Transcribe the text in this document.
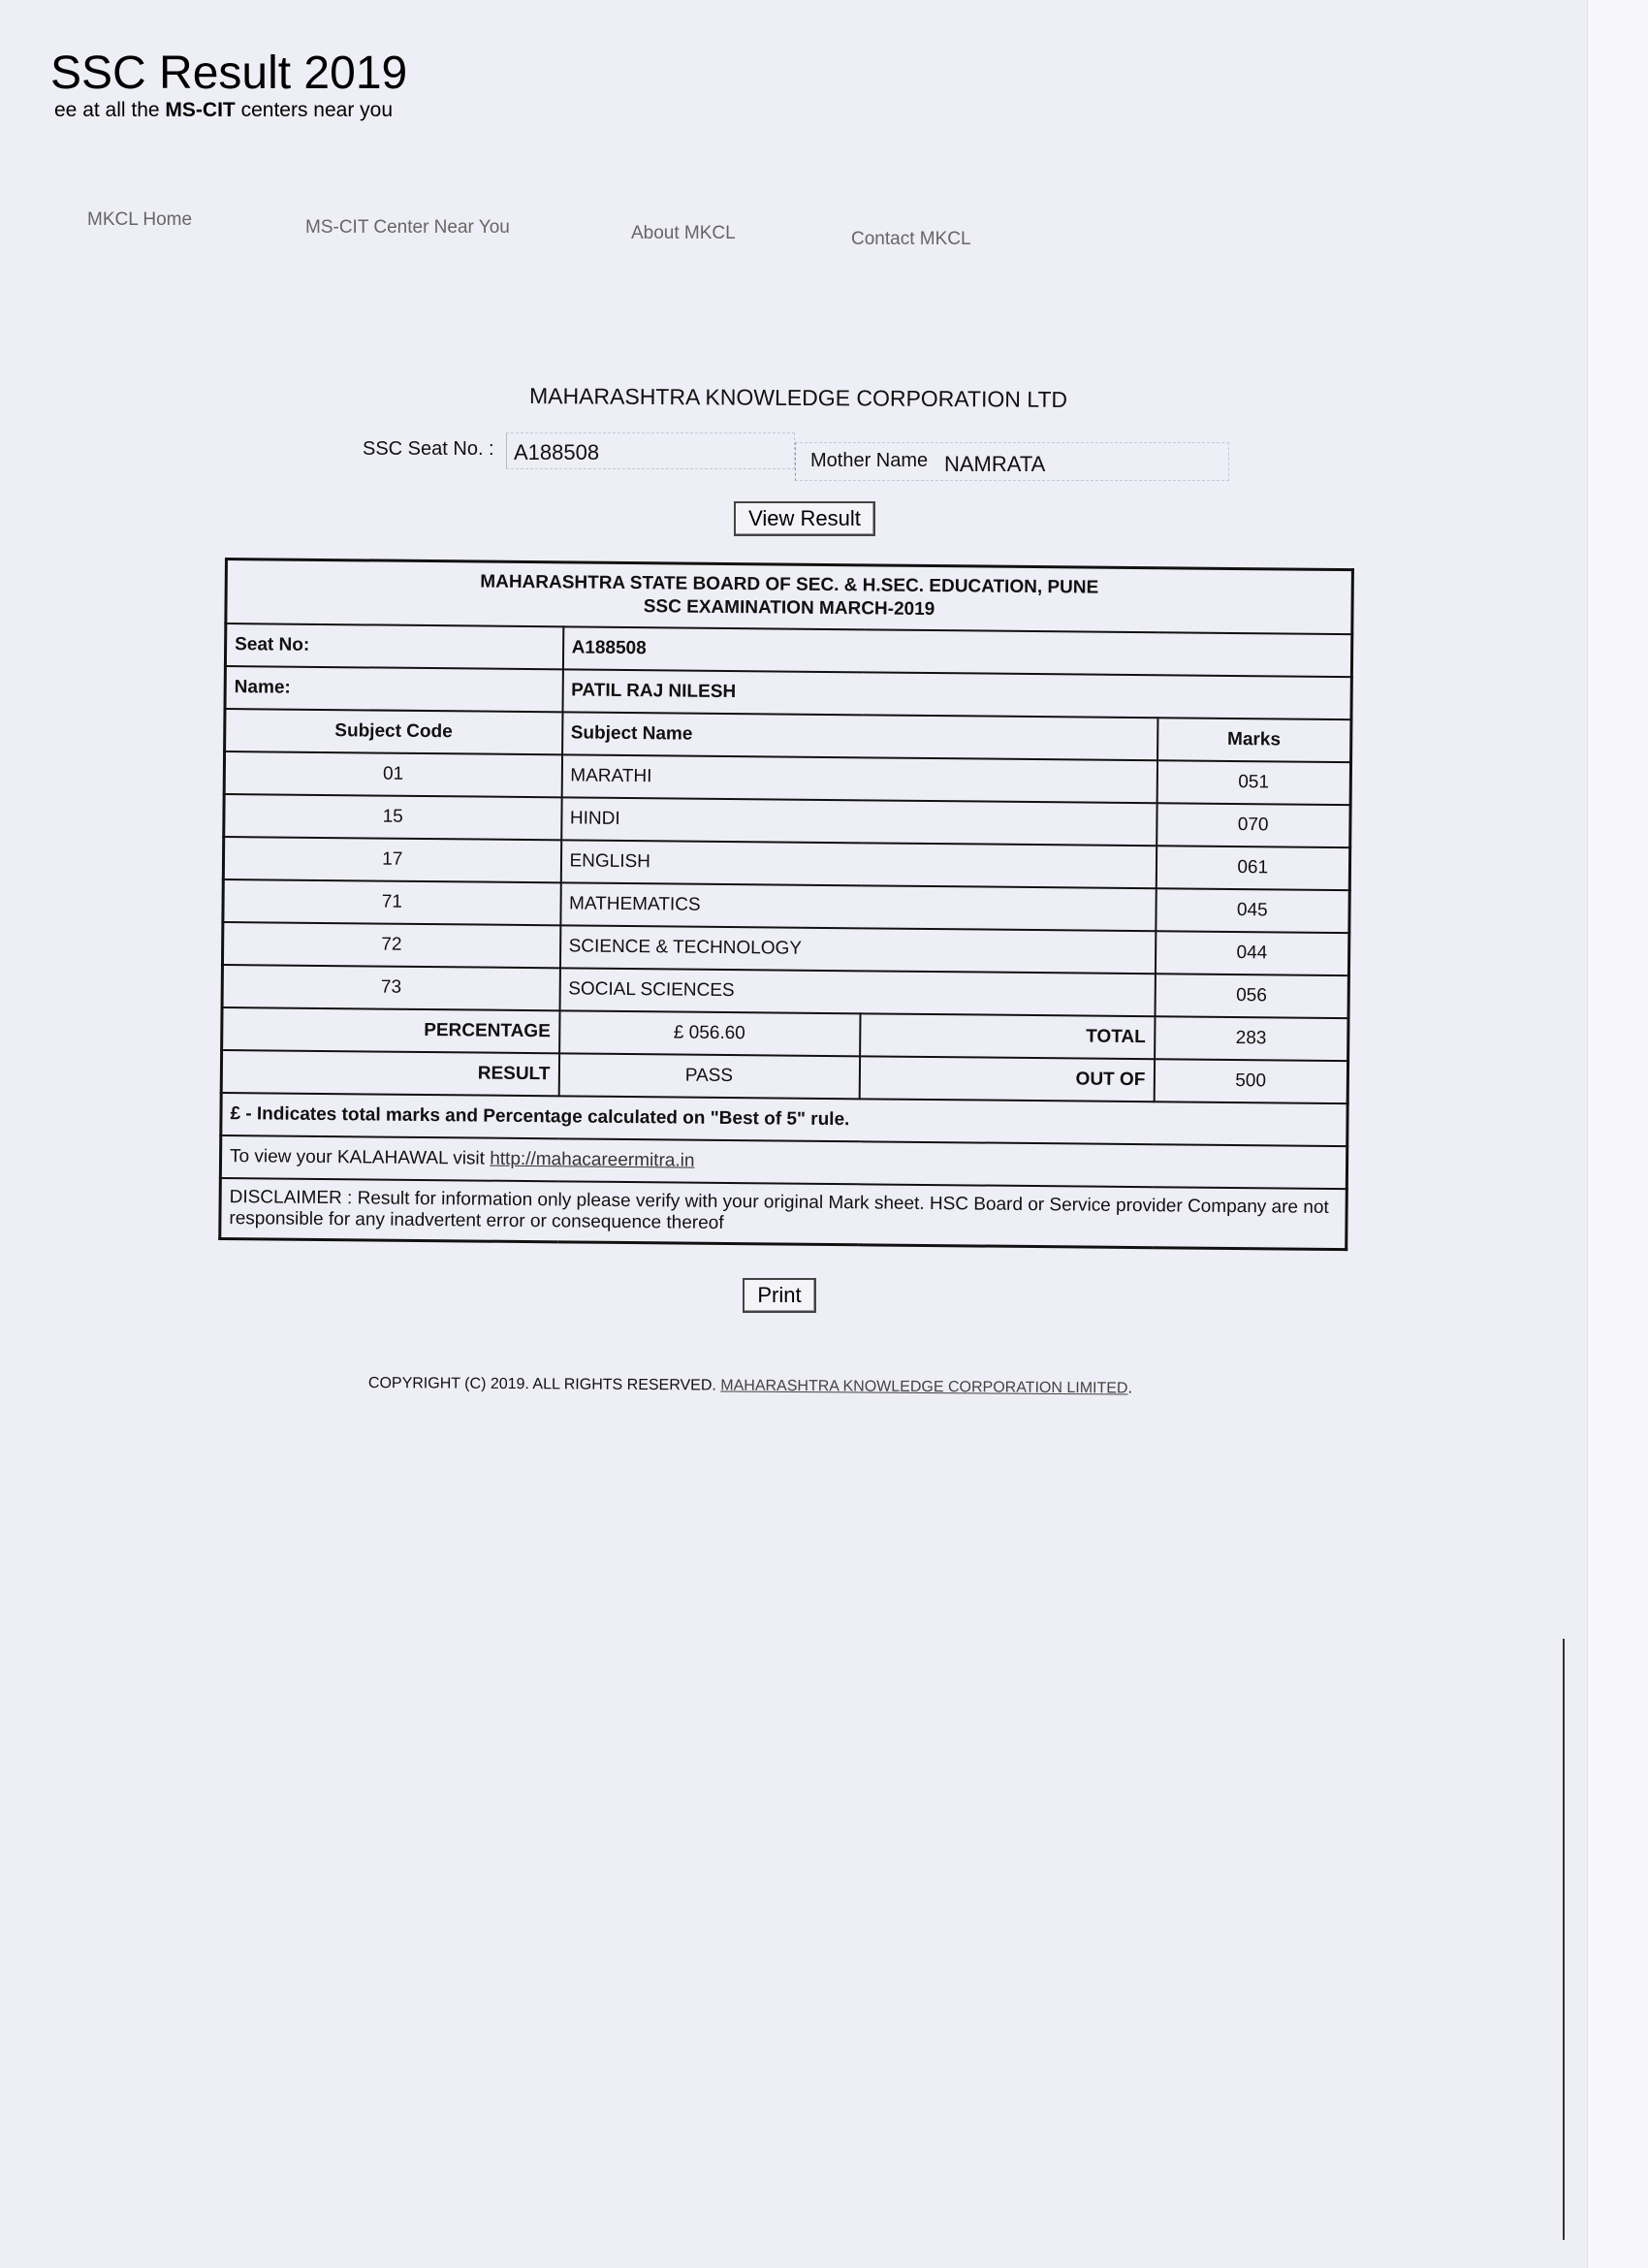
SSC Result 2019
ee at all the MS-CIT centers near you
MKCL Home	MS-CIT Center Near You	About MKCL	Contact MKCL
MAHARASHTRA KNOWLEDGE CORPORATION LTD
SSC Seat No. : A188508	Mother Name NAMRATA
View Result
MAHARASHTRA STATE BOARD OF SEC. & H.SEC. EDUCATION, PUNE
SSC EXAMINATION MARCH-2019			

Seat No:	A188508		
Name:	PATIL RAJ NILESH		
Subject Code	Subject Name		Marks
01	MARATHI		051
15	HINDI		070
17	ENGLISH		061
71	MATHEMATICS		045
72	SCIENCE & TECHNOLOGY		044
73	SOCIAL SCIENCES		056
PERCENTAGE	£ 056.60	TOTAL	283
RESULT	PASS	OUT OF	500
£ - Indicates total marks and Percentage calculated on "Best of 5" rule.			
To view your KALAHAWAL visit http://mahacareermitra.in			
DISCLAIMER : Result for information only please verify with your original Mark sheet. HSC Board or Service provider Company are not responsible for any inadvertent error or consequence thereof			
Print
COPYRIGHT (C) 2019. ALL RIGHTS RESERVED. MAHARASHTRA KNOWLEDGE CORPORATION LIMITED.
